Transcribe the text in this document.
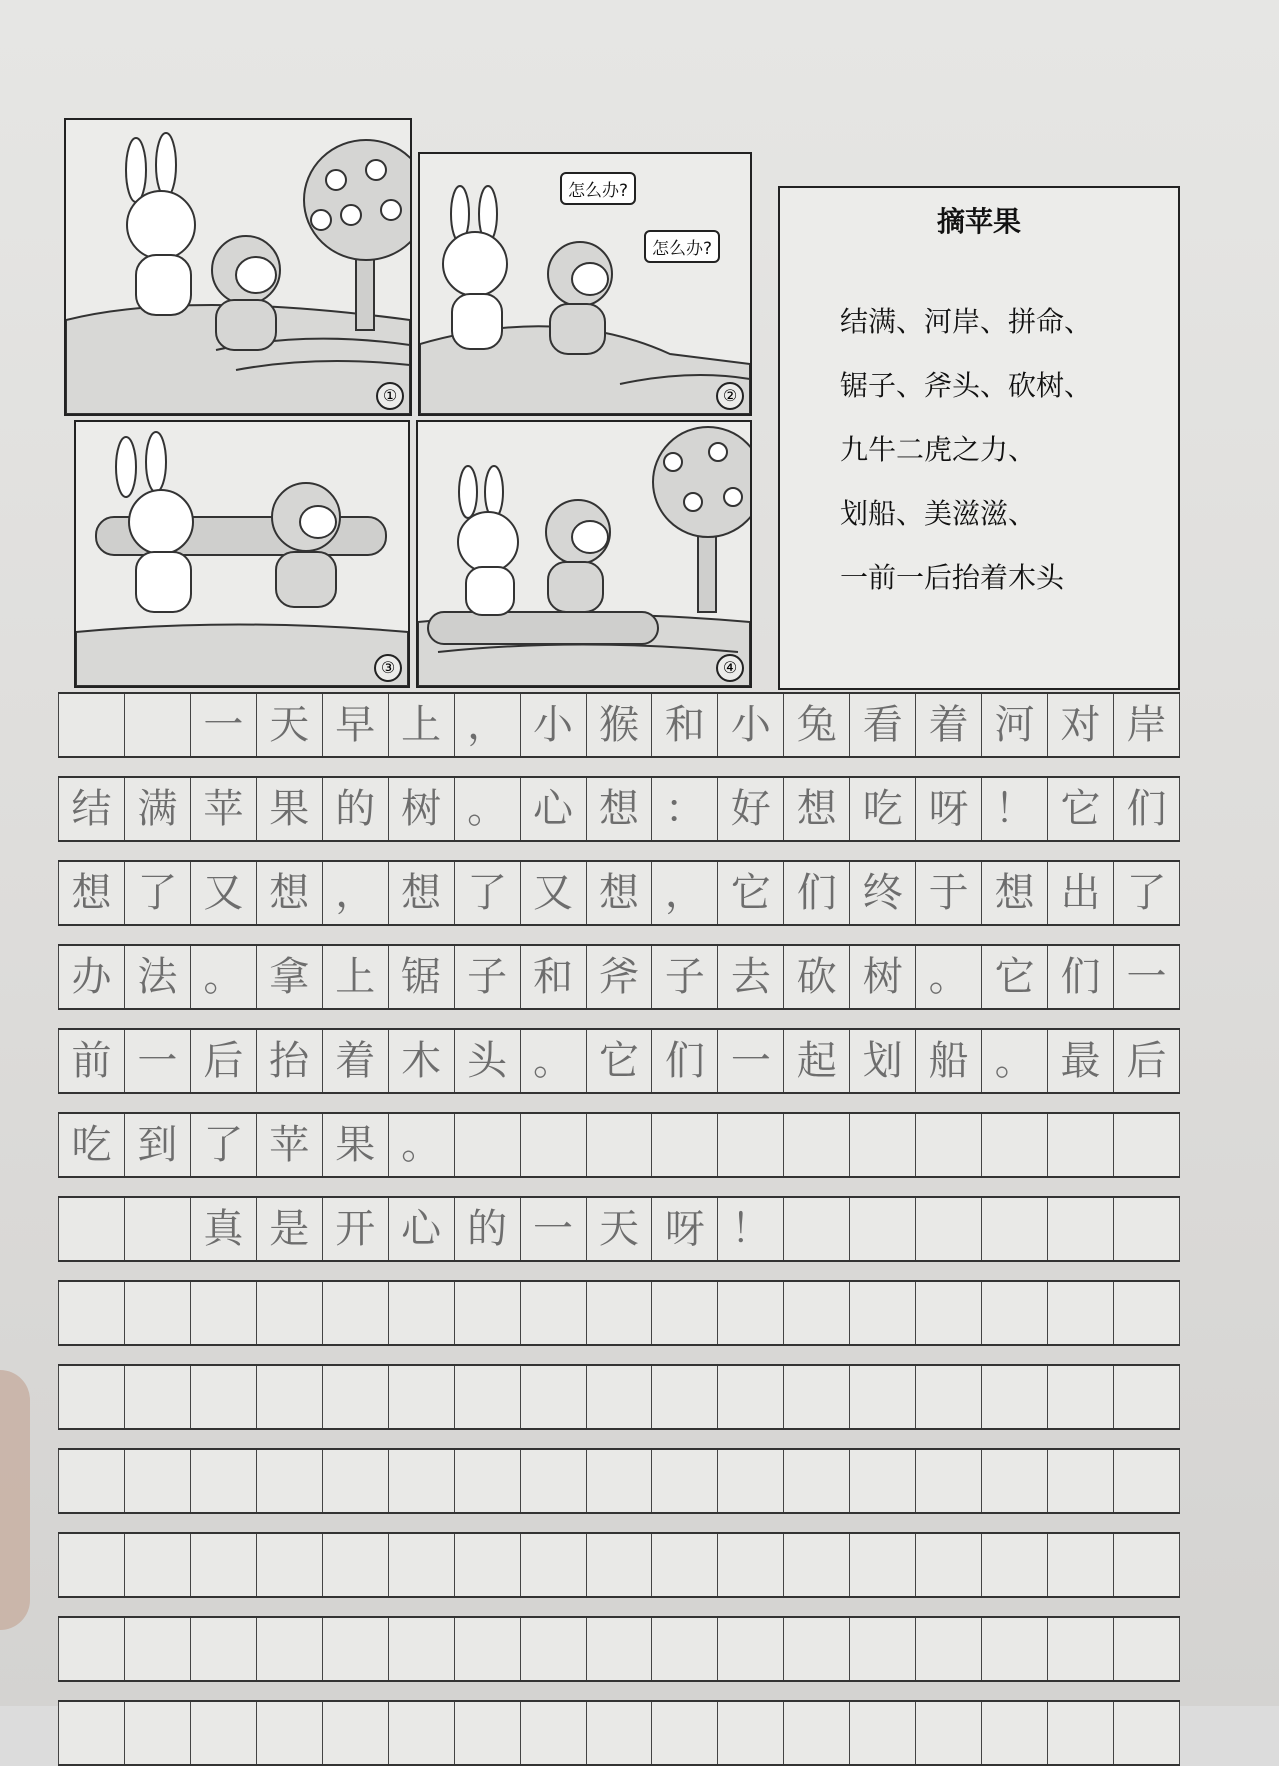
①
怎么办?
怎么办?
②
③	④
摘苹果
结满、河岸、拼命、
锯子、斧头、砍树、
九牛二虎之力、
划船、美滋滋、
一前一后抬着木头
一 天 早 上 ， 小 猴 和 小 兔 看 着 河 对 岸
结 满 苹 果 的 树 。 心 想 ： 好 想 吃 呀 ！ 它 们
想 了 又 想 ， 想 了 又 想 ， 它 们 终 于 想 出 了
办 法 。 拿 上 锯 子 和 斧 子 去 砍 树 。 它 们 一
前 一 后 抬 着 木 头 。 它 们 一 起 划 船 。 最 后
吃 到 了 苹 果 。
真 是 开 心 的 一 天 呀 ！
